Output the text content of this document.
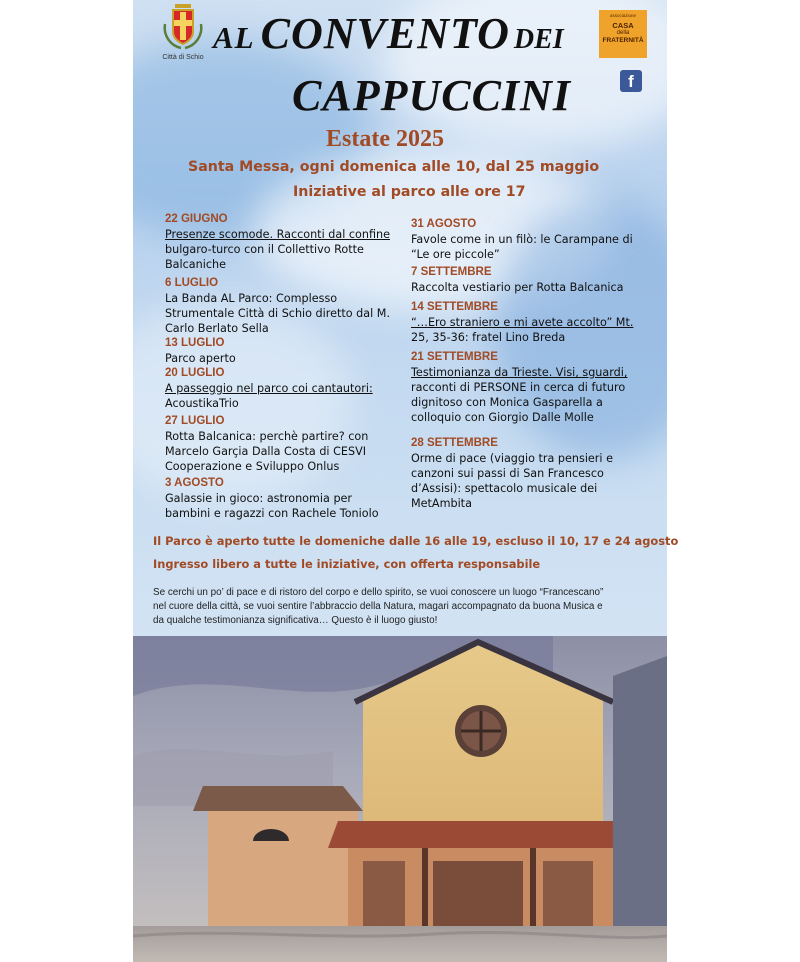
Città di Schio
AL CONVENTO DEI
CAPPUCCINI
associazione
CASA
della
FRATERNITÀ
f
Estate 2025
Santa Messa, ogni domenica alle 10, dal 25 maggio
Iniziative al parco alle ore 17
22 GIUGNO
Presenze scomode. Racconti dal confine
bulgaro-turco con il Collettivo Rotte
Balcaniche
6 LUGLIO
La Banda AL Parco: Complesso
Strumentale Città di Schio diretto dal M.
Carlo Berlato Sella
13 LUGLIO
Parco aperto
20 LUGLIO
A passeggio nel parco coi cantautori:
AcoustikaTrio
27 LUGLIO
Rotta Balcanica: perchè partire? con
Marcelo Garçia Dalla Costa di CESVI
Cooperazione e Sviluppo Onlus
3 AGOSTO
Galassie in gioco: astronomia per
bambini e ragazzi con Rachele Toniolo
31 AGOSTO
Favole come in un filò: le Carampane di
“Le ore piccole”
7 SETTEMBRE
Raccolta vestiario per Rotta Balcanica
14 SETTEMBRE
“…Ero straniero e mi avete accolto” Mt.
25, 35-36: fratel Lino Breda
21 SETTEMBRE
Testimonianza da Trieste. Visi, sguardi,
racconti di PERSONE in cerca di futuro
dignitoso con Monica Gasparella a
colloquio con Giorgio Dalle Molle
28 SETTEMBRE
Orme di pace (viaggio tra pensieri e
canzoni sui passi di San Francesco
d’Assisi): spettacolo musicale dei
MetAmbita
Il Parco è aperto tutte le domeniche dalle 16 alle 19, escluso il 10, 17 e 24 agosto
Ingresso libero a tutte le iniziative, con offerta responsabile
Se cerchi un po’ di pace e di ristoro del corpo e dello spirito, se vuoi conoscere un luogo “Francescano”
nel cuore della città, se vuoi sentire l’abbraccio della Natura, magari accompagnato da buona Musica e
da qualche testimonianza significativa… Questo è il luogo giusto!
